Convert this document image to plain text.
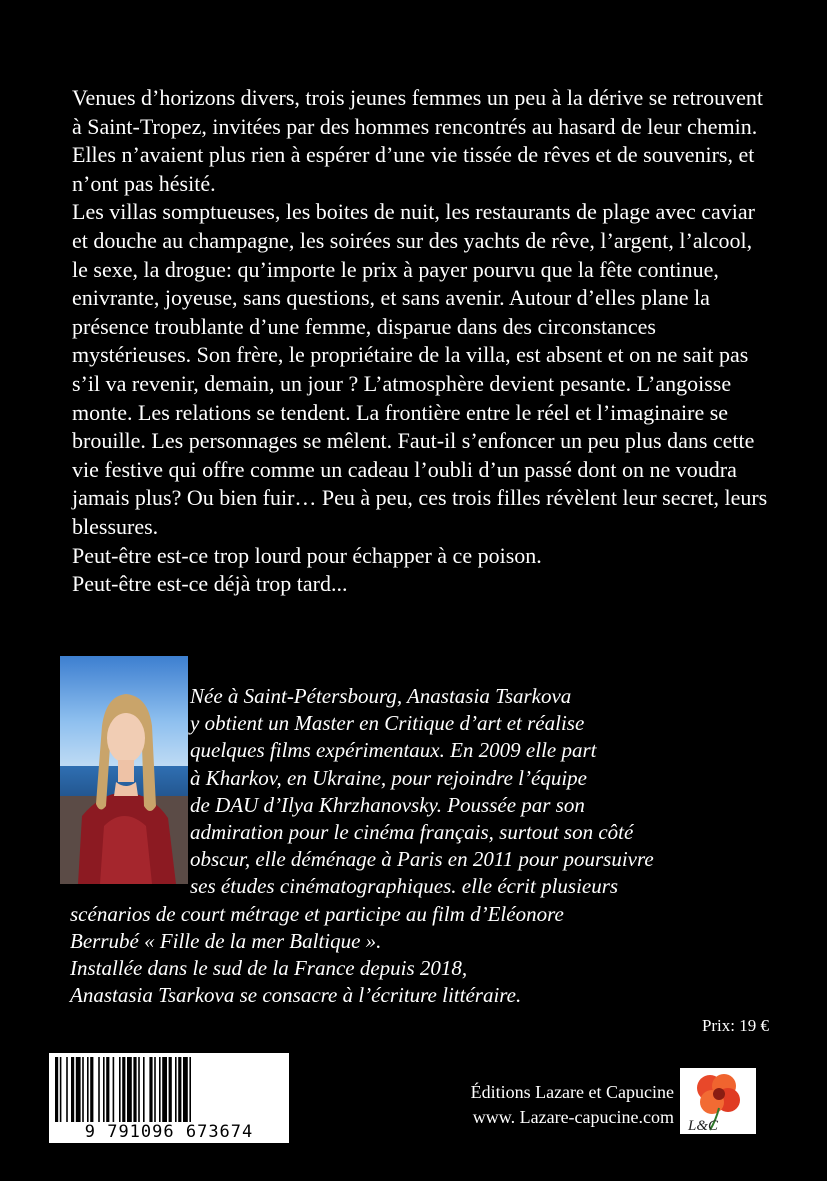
Venues d’horizons divers, trois jeunes femmes un peu à la dérive se retrouvent à Saint-Tropez, invitées par des hommes rencontrés au hasard de leur chemin. Elles n’avaient plus rien à espérer d’une vie tissée de rêves et de souvenirs, et n’ont pas hésité.

Les villas somptueuses, les boites de nuit, les restaurants de plage avec caviar et douche au champagne, les soirées sur des yachts de rêve, l’argent, l’alcool, le sexe, la drogue: qu’importe le prix à payer pourvu que la fête continue, enivrante, joyeuse, sans questions, et sans avenir. Autour d’elles plane la présence troublante d’une femme, disparue dans des circonstances mystérieuses. Son frère, le propriétaire de la villa, est absent et on ne sait pas s’il va revenir, demain, un jour ? L’atmosphère devient pesante. L’angoisse monte. Les relations se tendent. La frontière entre le réel et l’imaginaire se brouille. Les personnages se mêlent. Faut-il s’enfoncer un peu plus dans cette vie festive qui offre comme un cadeau l’oubli d’un passé dont on ne voudra jamais plus? Ou bien fuir… Peu à peu, ces trois filles révèlent leur secret, leurs blessures.

Peut-être est-ce trop lourd pour échapper à ce poison.

Peut-être est-ce déjà trop tard...

Née à Saint-Pétersbourg, Anastasia Tsarkova

y obtient un Master en Critique d’art et réalise

quelques films expérimentaux. En 2009 elle part

à Kharkov, en Ukraine, pour rejoindre l’équipe

de DAU d’Ilya Khrzhanovsky. Poussée par son

admiration pour le cinéma français, surtout son côté

obscur, elle déménage à Paris en 2011 pour poursuivre

ses études cinématographiques. elle écrit plusieurs

scénarios de court métrage et participe au film d’Eléonore

Berrubé « Fille de la mer Baltique ».

Installée dans le sud de la France depuis 2018,

Anastasia Tsarkova se consacre à l’écriture littéraire.

Prix: 19 €
9 791096 673674
Éditions Lazare et Capucine
www. Lazare-capucine.com L&C
